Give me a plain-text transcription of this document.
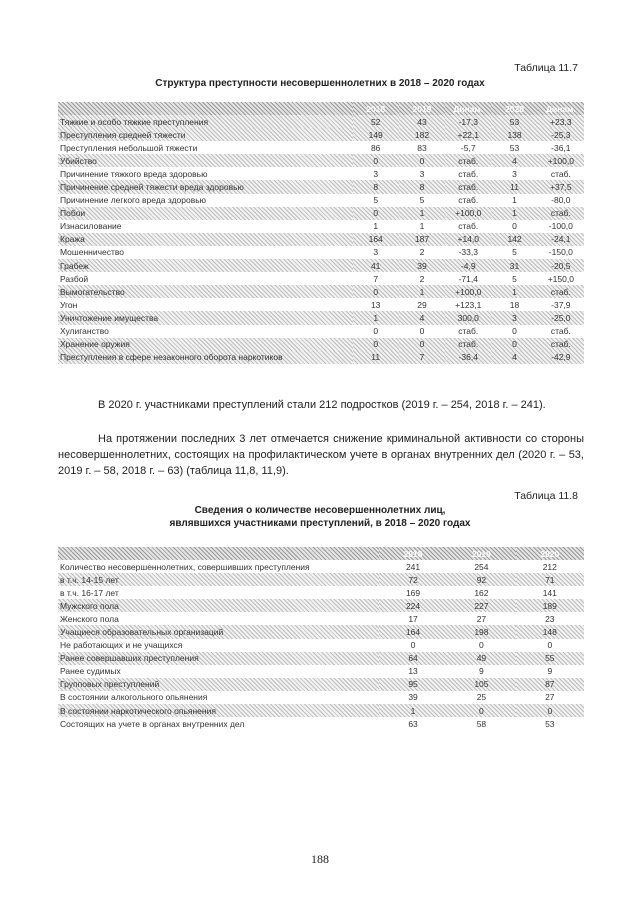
Таблица 11.7
Структура преступности несовершеннолетних в 2018 – 2020 годах
	2018	2019	Динам.	2020	Динам.
Тяжкие и особо тяжкие преступления	52	43	-17,3	53	+23,3
Преступления средней тяжести	149	182	+22,1	138	-25,3
Преступления небольшой тяжести	86	83	-5,7	53	-36,1
Убийство	0	0	стаб.	4	+100,0
Причинение тяжкого вреда здоровью	3	3	стаб.	3	стаб.
Причинение средней тяжести вреда здоровью	8	8	стаб.	11	+37,5
Причинение легкого вреда здоровью	5	5	стаб.	1	-80,0
Побои	0	1	+100,0	1	стаб.
Изнасилование	1	1	стаб.	0	-100,0
Кража	164	187	+14,0	142	-24,1
Мошенничество	3	2	-33,3	5	-150,0
Грабеж	41	39	-4,9	31	-20,5
Разбой	7	2	-71,4	5	+150,0
Вымогательство	0	1	+100,0	1	стаб.
Угон	13	29	+123,1	18	-37,9
Уничтожение имущества	1	4	300,0	3	-25,0
Хулиганство	0	0	стаб.	0	стаб.
Хранение оружия	0	0	стаб.	0	стаб.
Преступления в сфере незаконного оборота наркотиков	11	7	-36,4	4	-42,9
В 2020 г. участниками преступлений стали 212 подростков (2019 г. – 254, 2018 г. – 241).
На протяжении последних 3 лет отмечается снижение криминальной активности со стороны несовершеннолетних, состоящих на профилактическом учете в органах внутренних дел (2020 г. – 53, 2019 г. – 58, 2018 г. – 63) (таблица 11,8, 11,9).
Таблица 11.8
Сведения о количестве несовершеннолетних лиц,
являвшихся участниками преступлений, в 2018 – 2020 годах
	2018	2019	2020
Количество несовершеннолетних, совершивших преступления	241	254	212
в т.ч. 14-15 лет	72	92	71
в т.ч. 16-17 лет	169	162	141
Мужского пола	224	227	189
Женского пола	17	27	23
Учащиеся образовательных организаций	164	198	148
Не работающих и не учащихся	0	0	0
Ранее совершавших преступления	64	49	55
Ранее судимых	13	9	9
Групповых преступлений	95	105	87
В состоянии алкогольного опьянения	39	25	27
В состоянии наркотического опьянения	1	0	0
Состоящих на учете в органах внутренних дел	63	58	53
188
